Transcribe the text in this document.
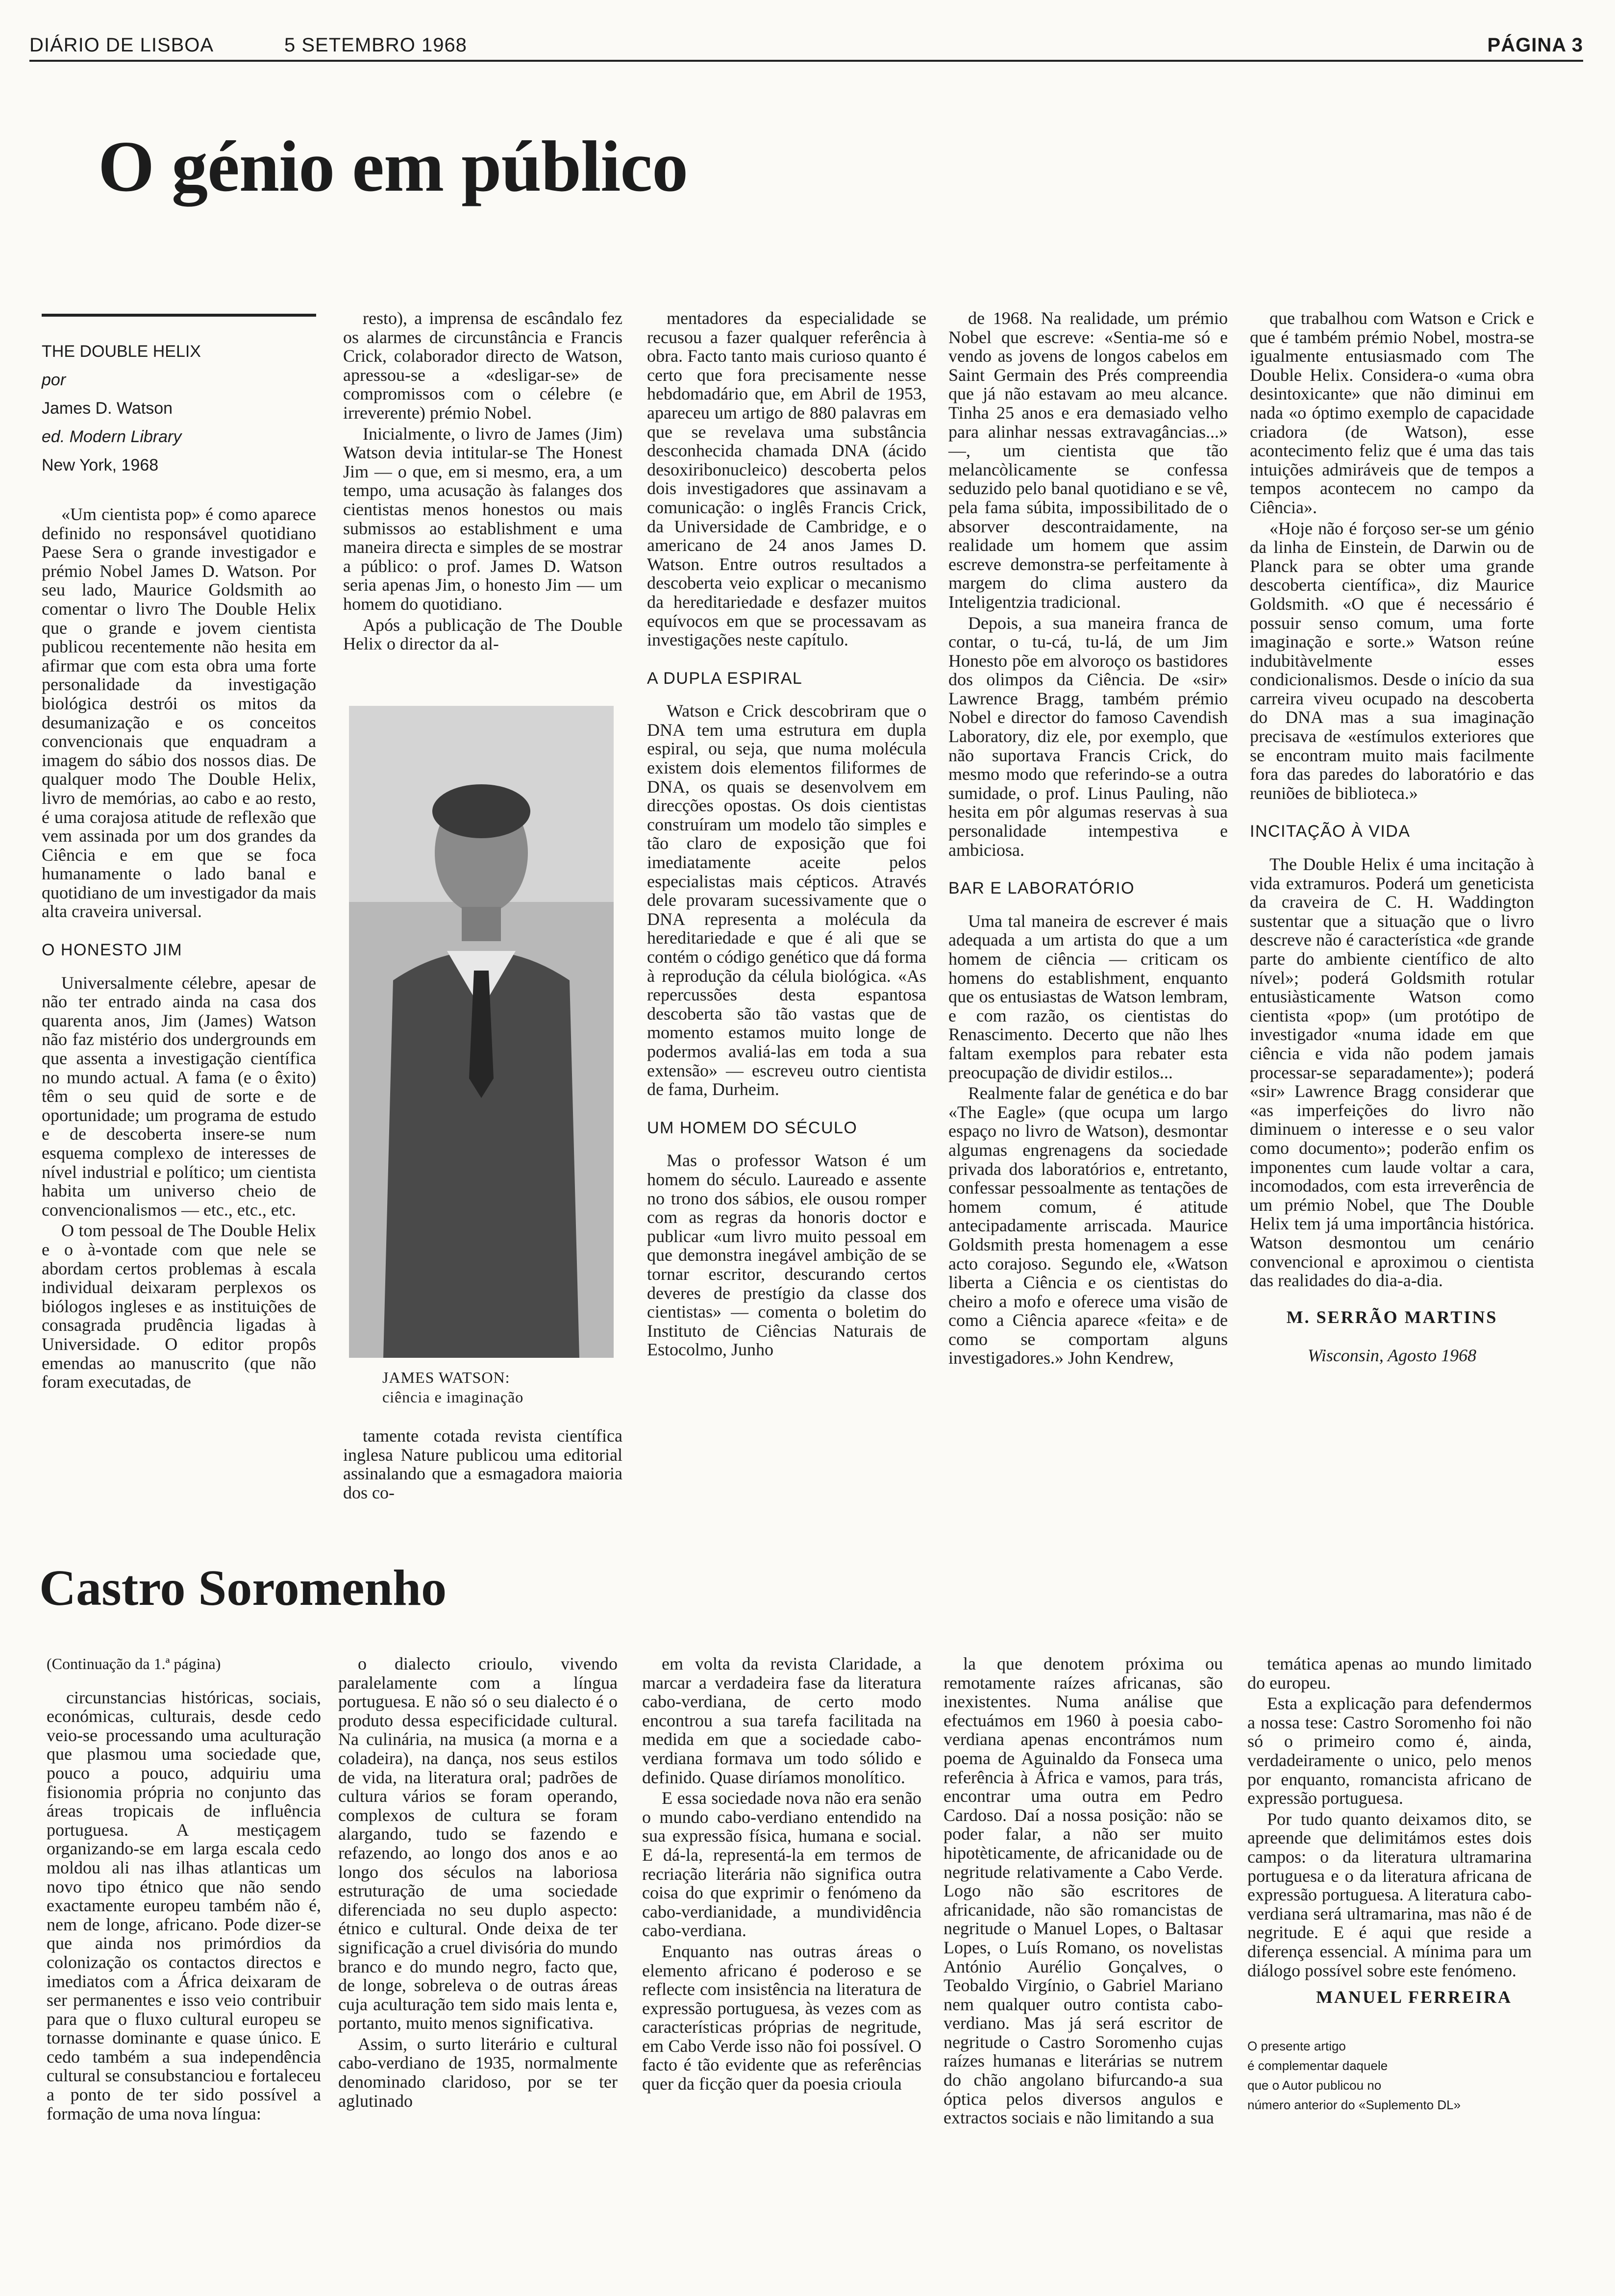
DIÁRIO DE LISBOA	5 SETEMBRO 1968	PÁGINA 3
O génio em público
THE DOUBLE HELIX
por
James D. Watson
ed. Modern Library
New York, 1968

«Um cientista pop» é como aparece definido no responsável quotidiano Paese Sera o grande investigador e prémio Nobel James D. Watson. Por seu lado, Maurice Goldsmith ao comentar o livro The Double Helix que o grande e jovem cientista publicou recentemente não hesita em afirmar que com esta obra uma forte personalidade da investigação biológica destrói os mitos da desumanização e os conceitos convencionais que enquadram a imagem do sábio dos nossos dias. De qualquer modo The Double Helix, livro de memórias, ao cabo e ao resto, é uma corajosa atitude de reflexão que vem assinada por um dos grandes da Ciência e em que se foca humanamente o lado banal e quotidiano de um investigador da mais alta craveira universal.

O HONESTO JIM

Universalmente célebre, apesar de não ter entrado ainda na casa dos quarenta anos, Jim (James) Watson não faz mistério dos undergrounds em que assenta a investigação científica no mundo actual. A fama (e o êxito) têm o seu quid de sorte e de oportunidade; um programa de estudo e de descoberta insere-se num esquema complexo de interesses de nível industrial e político; um cientista habita um universo cheio de convencionalismos — etc., etc., etc.

O tom pessoal de The Double Helix e o à-vontade com que nele se abordam certos problemas à escala individual deixaram perplexos os biólogos ingleses e as instituições de consagrada prudência ligadas à Universidade. O editor propôs emendas ao manuscrito (que não foram executadas, de

resto), a imprensa de escândalo fez os alarmes de circunstância e Francis Crick, colaborador directo de Watson, apressou-se a «desligar-se» de compromissos com o célebre (e irreverente) prémio Nobel.

Inicialmente, o livro de James (Jim) Watson devia intitular-se The Honest Jim — o que, em si mesmo, era, a um tempo, uma acusação às falanges dos cientistas menos honestos ou mais submissos ao establishment e uma maneira directa e simples de se mostrar a público: o prof. James D. Watson seria apenas Jim, o honesto Jim — um homem do quotidiano.

Após a publicação de The Double Helix o director da al-

JAMES WATSON:
ciência e imaginação

tamente cotada revista científica inglesa Nature publicou uma editorial assinalando que a esmagadora maioria dos co-

mentadores da especialidade se recusou a fazer qualquer referência à obra. Facto tanto mais curioso quanto é certo que fora precisamente nesse hebdomadário que, em Abril de 1953, apareceu um artigo de 880 palavras em que se revelava uma substância desconhecida chamada DNA (ácido desoxiribonucleico) descoberta pelos dois investigadores que assinavam a comunicação: o inglês Francis Crick, da Universidade de Cambridge, e o americano de 24 anos James D. Watson. Entre outros resultados a descoberta veio explicar o mecanismo da hereditariedade e desfazer muitos equívocos em que se processavam as investigações neste capítulo.

A DUPLA ESPIRAL

Watson e Crick descobriram que o DNA tem uma estrutura em dupla espiral, ou seja, que numa molécula existem dois elementos filiformes de DNA, os quais se desenvolvem em direcções opostas. Os dois cientistas construíram um modelo tão simples e tão claro de exposição que foi imediatamente aceite pelos especialistas mais cépticos. Através dele provaram sucessivamente que o DNA representa a molécula da hereditariedade e que é ali que se contém o código genético que dá forma à reprodução da célula biológica. «As repercussões desta espantosa descoberta são tão vastas que de momento estamos muito longe de podermos avaliá-las em toda a sua extensão» — escreveu outro cientista de fama, Durheim.

UM HOMEM DO SÉCULO

Mas o professor Watson é um homem do século. Laureado e assente no trono dos sábios, ele ousou romper com as regras da honoris doctor e publicar «um livro muito pessoal em que demonstra inegável ambição de se tornar escritor, descurando certos deveres de prestígio da classe dos cientistas» — comenta o boletim do Instituto de Ciências Naturais de Estocolmo, Junho

de 1968. Na realidade, um prémio Nobel que escreve: «Sentia-me só e vendo as jovens de longos cabelos em Saint Germain des Prés compreendia que já não estavam ao meu alcance. Tinha 25 anos e era demasiado velho para alinhar nessas extravagâncias...» —, um cientista que tão melancòlicamente se confessa seduzido pelo banal quotidiano e se vê, pela fama súbita, impossibilitado de o absorver descontraidamente, na realidade um homem que assim escreve demonstra-se perfeitamente à margem do clima austero da Inteligentzia tradicional.

Depois, a sua maneira franca de contar, o tu-cá, tu-lá, de um Jim Honesto põe em alvoroço os bastidores dos olimpos da Ciência. De «sir» Lawrence Bragg, também prémio Nobel e director do famoso Cavendish Laboratory, diz ele, por exemplo, que não suportava Francis Crick, do mesmo modo que referindo-se a outra sumidade, o prof. Linus Pauling, não hesita em pôr algumas reservas à sua personalidade intempestiva e ambiciosa.

BAR E LABORATÓRIO

Uma tal maneira de escrever é mais adequada a um artista do que a um homem de ciência — criticam os homens do establishment, enquanto que os entusiastas de Watson lembram, e com razão, os cientistas do Renascimento. Decerto que não lhes faltam exemplos para rebater esta preocupação de dividir estilos...

Realmente falar de genética e do bar «The Eagle» (que ocupa um largo espaço no livro de Watson), desmontar algumas engrenagens da sociedade privada dos laboratórios e, entretanto, confessar pessoalmente as tentações de homem comum, é atitude antecipadamente arriscada. Maurice Goldsmith presta homenagem a esse acto corajoso. Segundo ele, «Watson liberta a Ciência e os cientistas do cheiro a mofo e oferece uma visão de como a Ciência aparece «feita» e de como se comportam alguns investigadores.» John Kendrew,

que trabalhou com Watson e Crick e que é também prémio Nobel, mostra-se igualmente entusiasmado com The Double Helix. Considera-o «uma obra desintoxicante» que não diminui em nada «o óptimo exemplo de capacidade criadora (de Watson), esse acontecimento feliz que é uma das tais intuições admiráveis que de tempos a tempos acontecem no campo da Ciência».

«Hoje não é forçoso ser-se um génio da linha de Einstein, de Darwin ou de Planck para se obter uma grande descoberta científica», diz Maurice Goldsmith. «O que é necessário é possuir senso comum, uma forte imaginação e sorte.» Watson reúne indubitàvelmente esses condicionalismos. Desde o início da sua carreira viveu ocupado na descoberta do DNA mas a sua imaginação precisava de «estímulos exteriores que se encontram muito mais facilmente fora das paredes do laboratório e das reuniões de biblioteca.»

INCITAÇÃO À VIDA

The Double Helix é uma incitação à vida extramuros. Poderá um geneticista da craveira de C. H. Waddington sustentar que a situação que o livro descreve não é característica «de grande parte do ambiente científico de alto nível»; poderá Goldsmith rotular entusiàsticamente Watson como cientista «pop» (um protótipo de investigador «numa idade em que ciência e vida não podem jamais processar-se separadamente»); poderá «sir» Lawrence Bragg considerar que «as imperfeições do livro não diminuem o interesse e o seu valor como documento»; poderão enfim os imponentes cum laude voltar a cara, incomodados, com esta irreverência de um prémio Nobel, que The Double Helix tem já uma importância histórica. Watson desmontou um cenário convencional e aproximou o cientista das realidades do dia-a-dia.

M. SERRÃO MARTINS
Wisconsin, Agosto 1968
Castro Soromenho

(Continuação da 1.ª página)

circunstancias históricas, sociais, económicas, culturais, desde cedo veio-se processando uma aculturação que plasmou uma sociedade que, pouco a pouco, adquiriu uma fisionomia própria no conjunto das áreas tropicais de influência portuguesa. A mestiçagem organizando-se em larga escala cedo moldou ali nas ilhas atlanticas um novo tipo étnico que não sendo exactamente europeu também não é, nem de longe, africano. Pode dizer-se que ainda nos primórdios da colonização os contactos directos e imediatos com a África deixaram de ser permanentes e isso veio contribuir para que o fluxo cultural europeu se tornasse dominante e quase único. E cedo também a sua independência cultural se consubstanciou e fortaleceu a ponto de ter sido possível a formação de uma nova língua:

o dialecto crioulo, vivendo paralelamente com a língua portuguesa. E não só o seu dialecto é o produto dessa especificidade cultural. Na culinária, na musica (a morna e a coladeira), na dança, nos seus estilos de vida, na literatura oral; padrões de cultura vários se foram operando, complexos de cultura se foram alargando, tudo se fazendo e refazendo, ao longo dos anos e ao longo dos séculos na laboriosa estruturação de uma sociedade diferenciada no seu duplo aspecto: étnico e cultural. Onde deixa de ter significação a cruel divisória do mundo branco e do mundo negro, facto que, de longe, sobreleva o de outras áreas cuja aculturação tem sido mais lenta e, portanto, muito menos significativa.

Assim, o surto literário e cultural cabo-verdiano de 1935, normalmente denominado claridoso, por se ter aglutinado

em volta da revista Claridade, a marcar a verdadeira fase da literatura cabo-verdiana, de certo modo encontrou a sua tarefa facilitada na medida em que a sociedade cabo-verdiana formava um todo sólido e definido. Quase diríamos monolítico.

E essa sociedade nova não era senão o mundo cabo-verdiano entendido na sua expressão física, humana e social. E dá-la, representá-la em termos de recriação literária não significa outra coisa do que exprimir o fenómeno da cabo-verdianidade, a mundividência cabo-verdiana.

Enquanto nas outras áreas o elemento africano é poderoso e se reflecte com insistência na literatura de expressão portuguesa, às vezes com as características próprias de negritude, em Cabo Verde isso não foi possível. O facto é tão evidente que as referências quer da ficção quer da poesia crioula

la que denotem próxima ou remotamente raízes africanas, são inexistentes. Numa análise que efectuámos em 1960 à poesia cabo-verdiana apenas encontrámos num poema de Aguinaldo da Fonseca uma referência à África e vamos, para trás, encontrar uma outra em Pedro Cardoso. Daí a nossa posição: não se poder falar, a não ser muito hipotèticamente, de africanidade ou de negritude relativamente a Cabo Verde. Logo não são escritores de africanidade, não são romancistas de negritude o Manuel Lopes, o Baltasar Lopes, o Luís Romano, os novelistas António Aurélio Gonçalves, o Teobaldo Virgínio, o Gabriel Mariano nem qualquer outro contista cabo-verdiano. Mas já será escritor de negritude o Castro Soromenho cujas raízes humanas e literárias se nutrem do chão angolano bifurcando-a sua óptica pelos diversos angulos e extractos sociais e não limitando a sua

temática apenas ao mundo limitado do europeu.

Esta a explicação para defendermos a nossa tese: Castro Soromenho foi não só o primeiro como é, ainda, verdadeiramente o unico, pelo menos por enquanto, romancista africano de expressão portuguesa.

Por tudo quanto deixamos dito, se apreende que delimitámos estes dois campos: o da literatura ultramarina portuguesa e o da literatura africana de expressão portuguesa. A literatura cabo-verdiana será ultramarina, mas não é de negritude. E é aqui que reside a diferença essencial. A mínima para um diálogo possível sobre este fenómeno.

MANUEL FERREIRA
O presente artigo
é complementar daquele
que o Autor publicou no
número anterior do «Suplemento DL»
